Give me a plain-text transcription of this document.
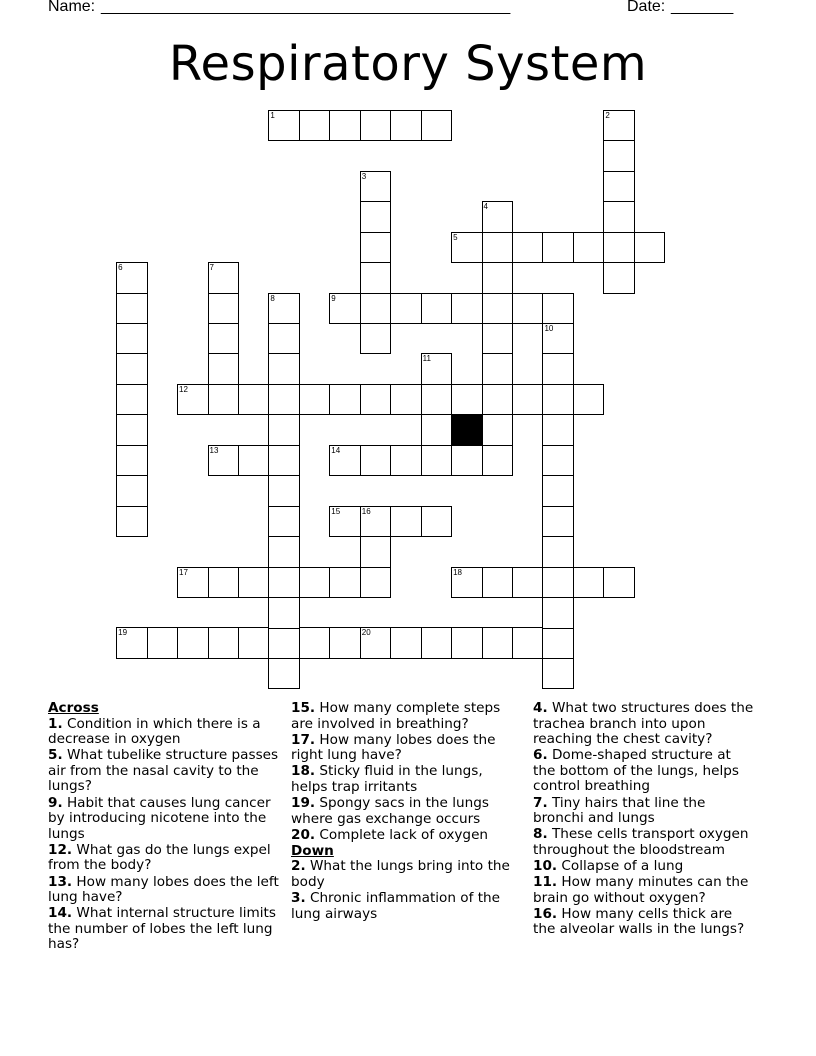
Name:

______________________________________________

	Date:

_______

Respiratory System
1
5
9
12
13	14
15	16
17	18
19	20
2
3
4
6	7
8
10
11
Across
1. Condition in which there is a decrease in oxygen
5. What tubelike structure passes air from the nasal cavity to the lungs?
9. Habit that causes lung cancer by introducing nicotene into the lungs
12. What gas do the lungs expel from the body?
13. How many lobes does the left lung have?
14. What internal structure limits the number of lobes the left lung has?
15. How many complete steps are involved in breathing?
17. How many lobes does the right lung have?
18. Sticky fluid in the lungs, helps trap irritants
19. Spongy sacs in the lungs where gas exchange occurs
20. Complete lack of oxygen
Down
2. What the lungs bring into the body
3. Chronic inflammation of the lung airways
4. What two structures does the trachea branch into upon reaching the chest cavity?
6. Dome-shaped structure at the bottom of the lungs, helps control breathing
7. Tiny hairs that line the bronchi and lungs
8. These cells transport oxygen throughout the bloodstream
10. Collapse of a lung
11. How many minutes can the brain go without oxygen?
16. How many cells thick are the alveolar walls in the lungs?
